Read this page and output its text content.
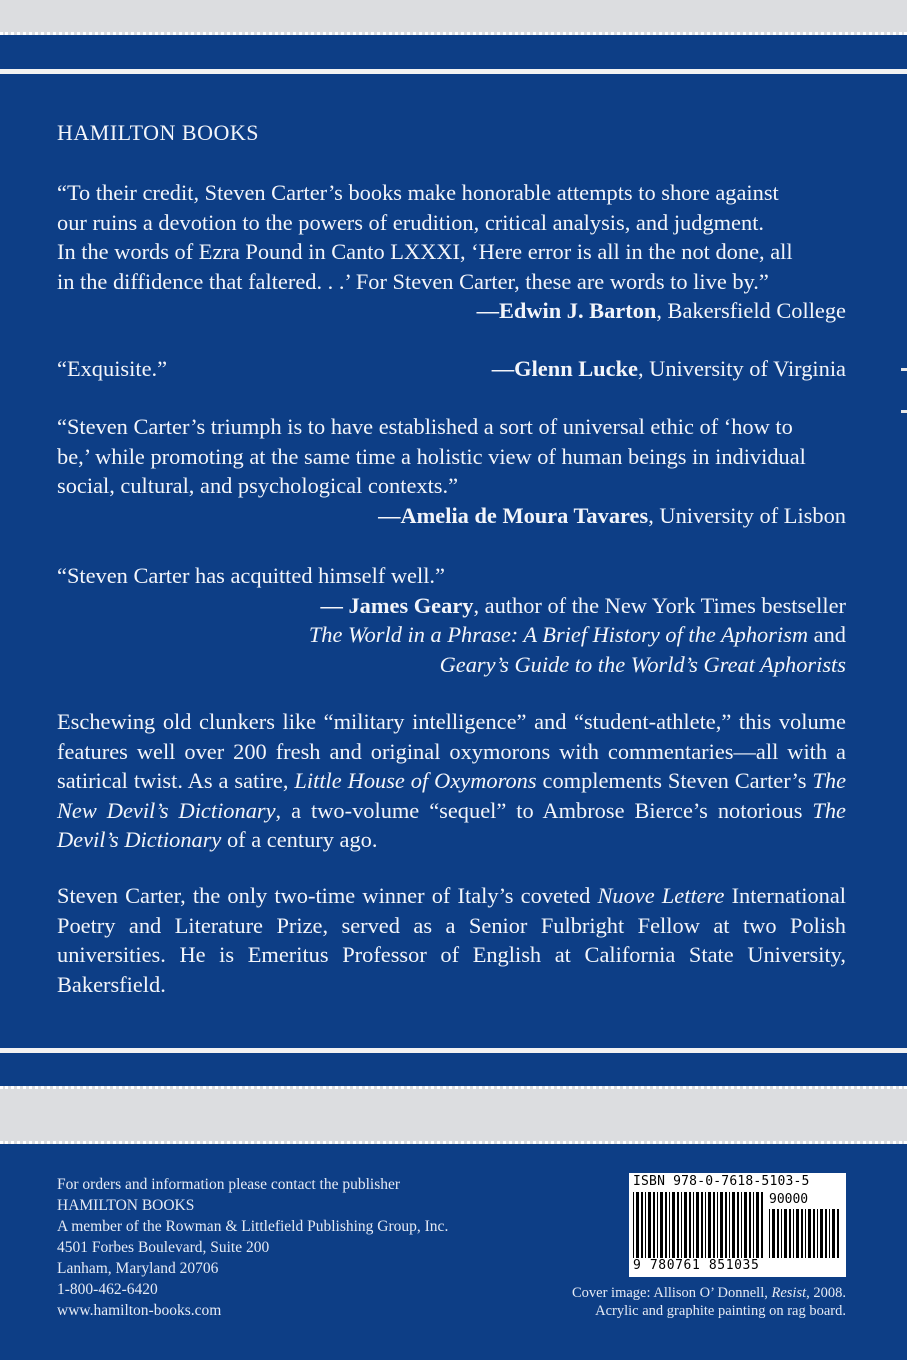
HAMILTON BOOKS
“To their credit, Steven Carter’s books make honorable attempts to shore against
our ruins a devotion to the powers of erudition, critical analysis, and judgment.
In the words of Ezra Pound in Canto LXXXI, ‘Here error is all in the not done, all
in the diffidence that faltered. . .’ For Steven Carter, these are words to live by.”
—Edwin J. Barton, Bakersfield College
“Exquisite.”	—Glenn Lucke, University of Virginia
“Steven Carter’s triumph is to have established a sort of universal ethic of ‘how to
be,’ while promoting at the same time a holistic view of human beings in individual
social, cultural, and psychological contexts.”
—Amelia de Moura Tavares, University of Lisbon
“Steven Carter has acquitted himself well.”
— James Geary, author of the New York Times bestseller
The World in a Phrase: A Brief History of the Aphorism and
Geary’s Guide to the World’s Great Aphorists

Eschewing old clunkers like “military intelligence” and “student-athlete,” this volume features well over 200 fresh and original oxymorons with commentaries—all with a satirical twist. As a satire, Little House of Oxymorons complements Steven Carter’s The New Devil’s Dictionary, a two-volume “sequel” to Ambrose Bierce’s notorious The Devil’s Dictionary of a century ago.

Steven Carter, the only two-time winner of Italy’s coveted Nuove Lettere International Poetry and Literature Prize, served as a Senior Fulbright Fellow at two Polish universities. He is Emeritus Professor of English at California State University, Bakersfield.

For orders and information please contact the publisher
HAMILTON BOOKS
A member of the Rowman & Littlefield Publishing Group, Inc.
4501 Forbes Boulevard, Suite 200
Lanham, Maryland 20706
1-800-462-6420
www.hamilton-books.com
ISBN 978-0-7618-5103-5
90000
9 780761 851035
Cover image: Allison O’ Donnell, Resist, 2008.
Acrylic and graphite painting on rag board.
